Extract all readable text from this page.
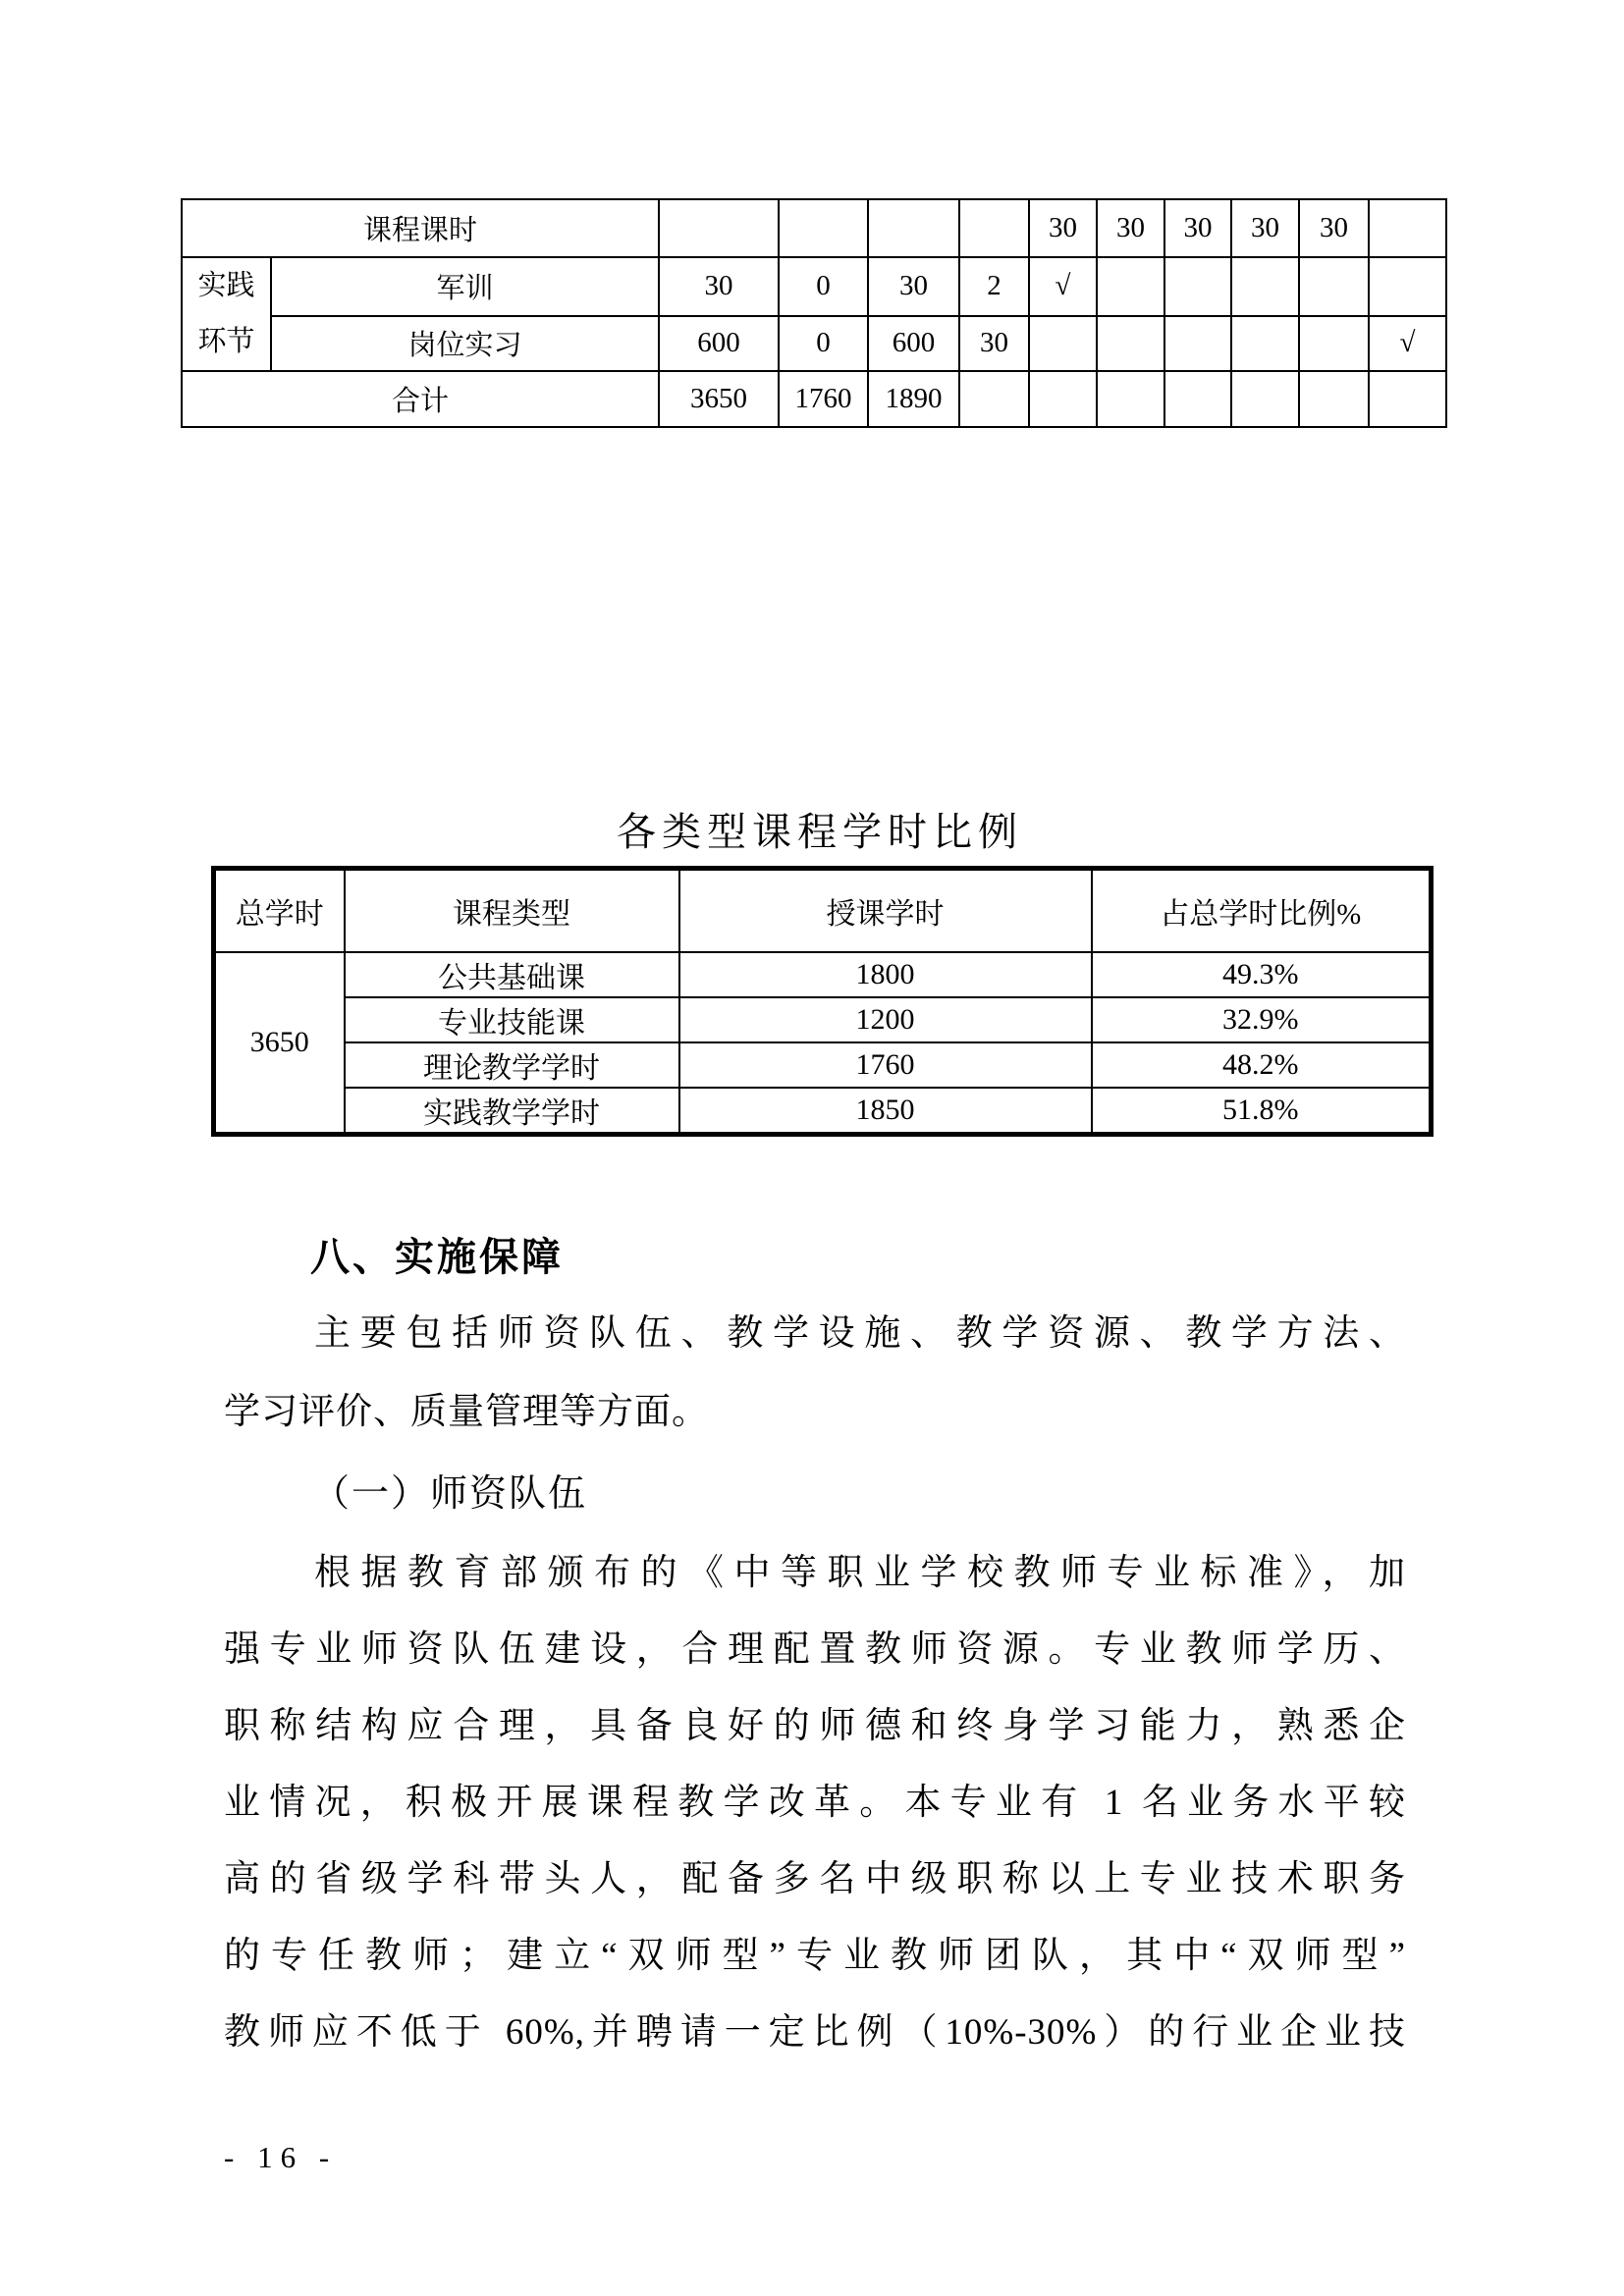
课程课时						30	30	30	30	30	

实践
环节	军训	30	0	30	2	√					
	岗位实习	600	0	600	30						√
合计		3650	1760	1890							
各类型课程学时比例
总学时	课程类型	授课学时	占总学时比例%
3650	公共基础课	1800	49.3%
	专业技能课	1200	32.9%
	理论教学学时	1760	48.2%
	实践教学学时	1850	51.8%
八、实施保障
主要包括师资队伍、教学设施、教学资源、教学方法、
学习评价、质量管理等方面。
（一）师资队伍
根据教育部颁布的《中等职业学校教师专业标准》，加
强专业师资队伍建设，合理配置教师资源。专业教师学历、
职称结构应合理，具备良好的师德和终身学习能力，熟悉企
业情况，积极开展课程教学改革。本专业有 1 名业务水平较
高的省级学科带头人，配备多名中级职称以上专业技术职务
的专任教师；建立“双师型”专业教师团队，其中“双师型”
教师应不低于 60%,并聘请一定比例（10%-30%）的行业企业技
- 16 -
